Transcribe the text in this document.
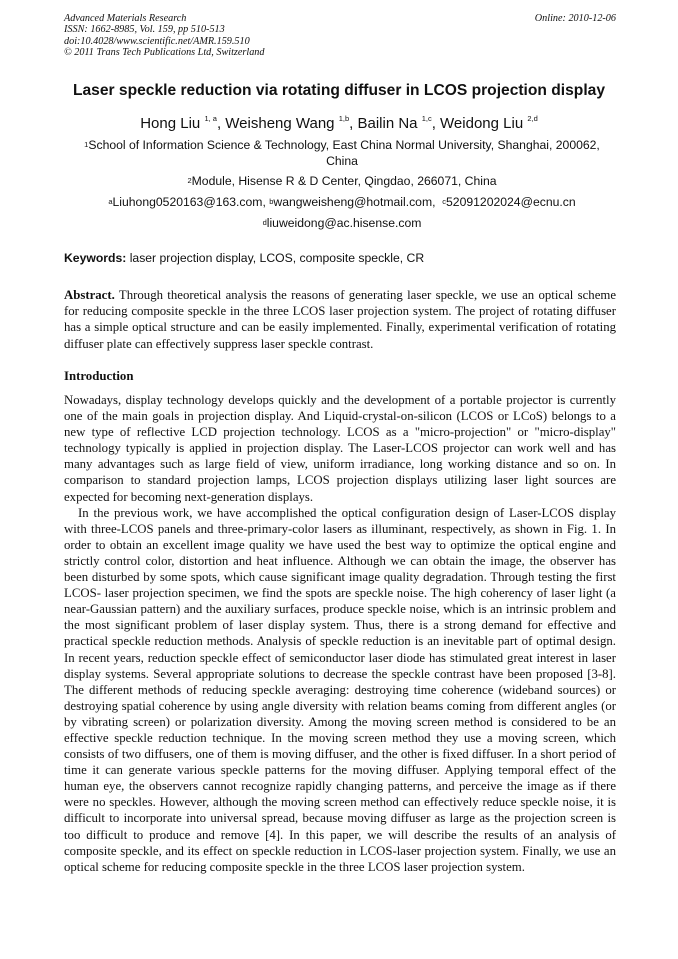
Advanced Materials Research
ISSN: 1662-8985, Vol. 159, pp 510-513
doi:10.4028/www.scientific.net/AMR.159.510
© 2011 Trans Tech Publications Ltd, Switzerland
Online: 2010-12-06
Laser speckle reduction via rotating diffuser in LCOS projection display
Hong Liu $^{1, a}$, Weisheng Wang $^{1,b}$, Bailin Na $^{1,c}$, Weidong Liu $^{2,d}$
$^1$School of Information Science & Technology, East China Normal University, Shanghai, 200062, China
$^2$Module, Hisense R & D Center, Qingdao, 266071, China
$^a$Liuhong0520163@163.com, $^b$wangweisheng@hotmail.com, $^c$52091202024@ecnu.cn
$^d$liuweidong@ac.hisense.com
Keywords: laser projection display, LCOS, composite speckle, CR
Abstract. Through theoretical analysis the reasons of generating laser speckle, we use an optical scheme for reducing composite speckle in the three LCOS laser projection system. The project of rotating diffuser has a simple optical structure and can be easily implemented. Finally, experimental verification of rotating diffuser plate can effectively suppress laser speckle contrast.
Introduction

Nowadays, display technology develops quickly and the development of a portable projector is currently one of the main goals in projection display. And Liquid-crystal-on-silicon (LCOS or LCoS) belongs to a new type of reflective LCD projection technology. LCOS as a "micro-projection" or "micro-display" technology typically is applied in projection display. The Laser-LCOS projector can work well and has many advantages such as large field of view, uniform irradiance, long working distance and so on. In comparison to standard projection lamps, LCOS projection displays utilizing laser light sources are expected for becoming next-generation displays.

In the previous work, we have accomplished the optical configuration design of Laser-LCOS display with three-LCOS panels and three-primary-color lasers as illuminant, respectively, as shown in Fig. 1. In order to obtain an excellent image quality we have used the best way to optimize the optical engine and strictly control color, distortion and heat influence. Although we can obtain the image, the observer has been disturbed by some spots, which cause significant image quality degradation. Through testing the first LCOS- laser projection specimen, we find the spots are speckle noise. The high coherency of laser light (a near-Gaussian pattern) and the auxiliary surfaces, produce speckle noise, which is an intrinsic problem and the most significant problem of laser display system. Thus, there is a strong demand for effective and practical speckle reduction methods. Analysis of speckle reduction is an inevitable part of optimal design. In recent years, reduction speckle effect of semiconductor laser diode has stimulated great interest in laser display systems. Several appropriate solutions to decrease the speckle contrast have been proposed [3-8]. The different methods of reducing speckle averaging: destroying time coherence (wideband sources) or destroying spatial coherence by using angle diversity with relation beams coming from different angles (or by vibrating screen) or polarization diversity. Among the moving screen method is considered to be an effective speckle reduction technique. In the moving screen method they use a moving screen, which consists of two diffusers, one of them is moving diffuser, and the other is fixed diffuser. In a short period of time it can generate various speckle patterns for the moving diffuser. Applying temporal effect of the human eye, the observers cannot recognize rapidly changing patterns, and perceive the image as if there were no speckles. However, although the moving screen method can effectively reduce speckle noise, it is difficult to incorporate into universal spread, because moving diffuser as large as the projection screen is too difficult to produce and remove [4]. In this paper, we will describe the results of an analysis of composite speckle, and its effect on speckle reduction in LCOS-laser projection system. Finally, we use an optical scheme for reducing composite speckle in the three LCOS laser projection system.
